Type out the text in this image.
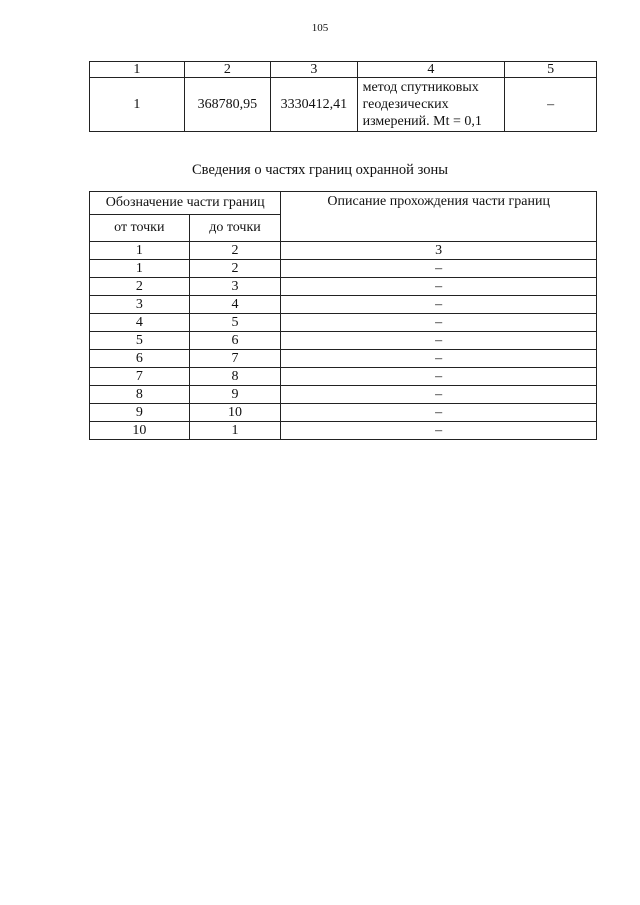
105
1	2	3	4	5
1	368780,95	3330412,41	метод спутниковых
геодезических
измерений. Mt = 0,1	–
Сведения о частях границ охранной зоны
Обозначение части границ		Описание прохождения части границ
от точки	до точки	
1	2	3
1	2	–
2	3	–
3	4	–
4	5	–
5	6	–
6	7	–
7	8	–
8	9	–
9	10	–
10	1	–
